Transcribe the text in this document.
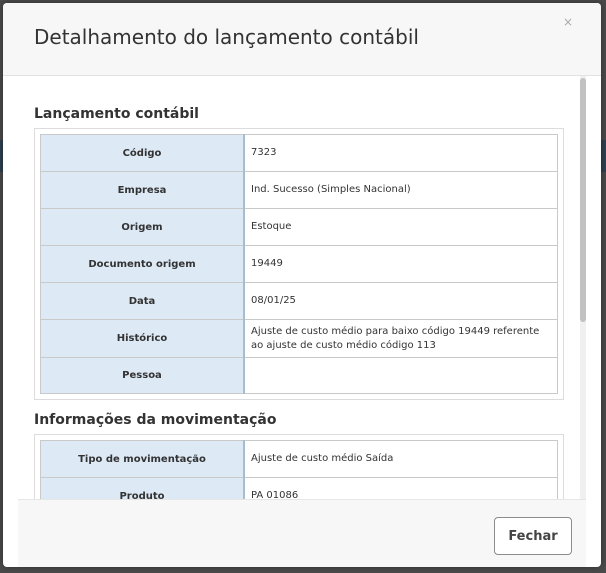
Detalhamento do lançamento contábil
×
Lançamento contábil
Código	7323
Empresa	Ind. Sucesso (Simples Nacional)
Origem	Estoque
Documento origem	19449
Data	08/01/25
Histórico	Ajuste de custo médio para baixo código 19449 referente ao ajuste de custo médio código 113
Pessoa	
Informações da movimentação
Tipo de movimentação	Ajuste de custo médio Saída
Produto	PA 01086
Fechar
